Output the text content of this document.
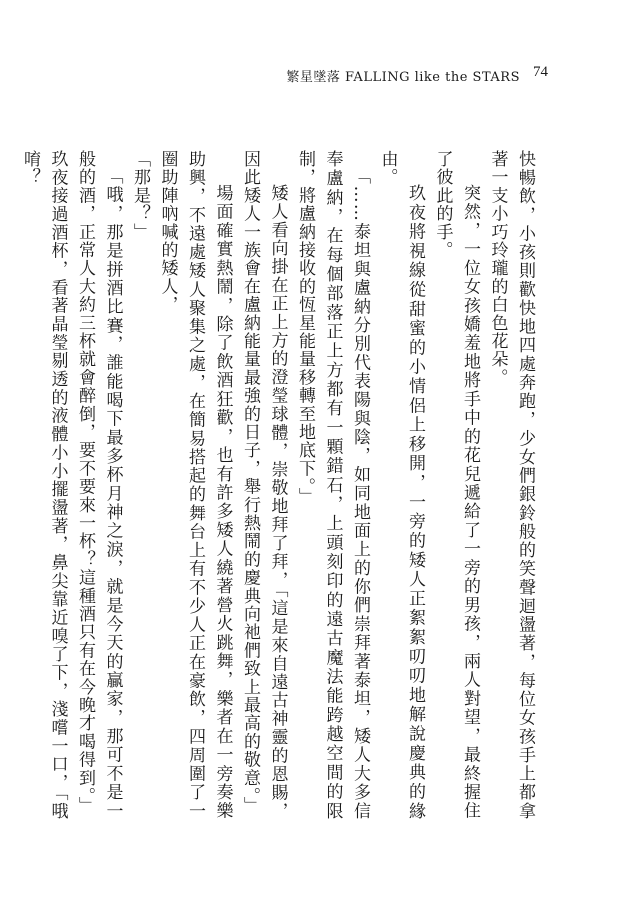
繁星墜落 FALLING like the STARS 74

快暢飲，小孩則歡快地四處奔跑，少女們銀鈴般的笑聲迴盪著，每位女孩手上都拿著一支小巧玲瓏的白色花朵。

突然，一位女孩嬌羞地將手中的花兒遞給了一旁的男孩，兩人對望，最終握住了彼此的手。

玖夜將視線從甜蜜的小情侶上移開，一旁的矮人正絮絮叨叨地解說慶典的緣由。

「……泰坦與盧納分別代表陽與陰，如同地面上的你們崇拜著泰坦，矮人大多信奉盧納，在每個部落正上方都有一顆錯石，上頭刻印的遠古魔法能跨越空間的限制，將盧納接收的恆星能量移轉至地底下。」

矮人看向掛在正上方的澄瑩球體，崇敬地拜了拜，「這是來自遠古神靈的恩賜，因此矮人一族會在盧納能量最強的日子，舉行熱鬧的慶典向祂們致上最高的敬意。」

場面確實熱鬧，除了飲酒狂歡，也有許多矮人繞著營火跳舞，樂者在一旁奏樂助興，不遠處矮人聚集之處，在簡易搭起的舞台上有不少人正在豪飲，四周圍了一圈助陣吶喊的矮人，

「那是？」

「哦，那是拼酒比賽，誰能喝下最多杯月神之淚，就是今天的贏家，那可不是一般的酒，正常人大約三杯就會醉倒，要不要來一杯？這種酒只有在今晚才喝得到。」

玖夜接過酒杯，看著晶瑩剔透的液體小小擺盪著，鼻尖靠近嗅了下，淺嚐一口，「哦唷？
